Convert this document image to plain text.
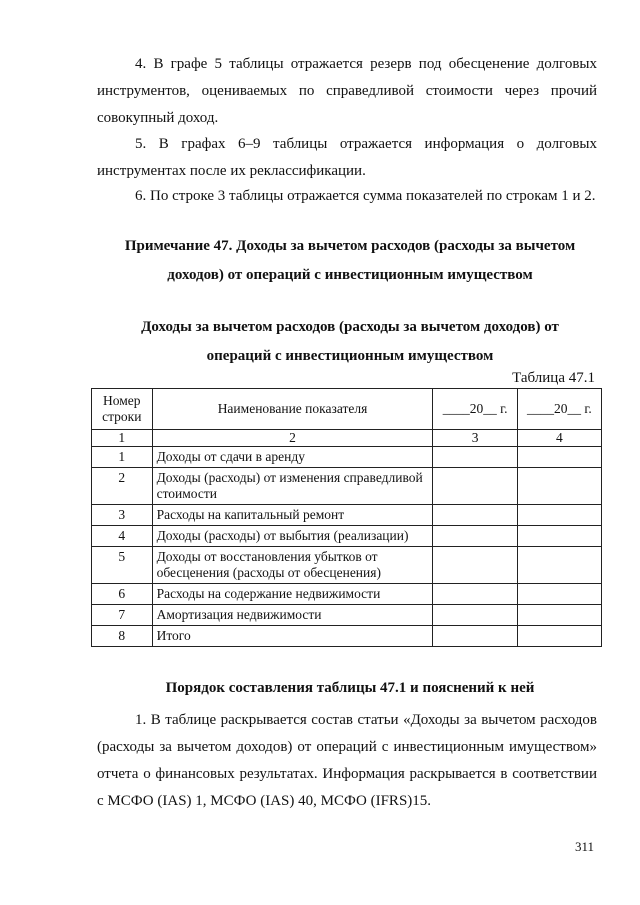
4. В графе 5 таблицы отражается резерв под обесценение долговых
инструментов, оцениваемых по справедливой стоимости через прочий
совокупный доход.
5. В графах 6–9 таблицы отражается информация о долговых
инструментах после их реклассификации.
6. По строке 3 таблицы отражается сумма показателей по строкам 1 и 2.
Примечание 47. Доходы за вычетом расходов (расходы за вычетом
доходов) от операций с инвестиционным имуществом
Доходы за вычетом расходов (расходы за вычетом доходов) от
операций с инвестиционным имуществом
Таблица 47.1
Номер строки	Наименование показателя	____20__ г.	____20__ г.
1	2	3	4
1	Доходы от сдачи в аренду		
2	Доходы (расходы) от изменения справедливой стоимости		
3	Расходы на капитальный ремонт		
4	Доходы (расходы) от выбытия (реализации)		
5	Доходы от восстановления убытков от обесценения (расходы от обесценения)		
6	Расходы на содержание недвижимости		
7	Амортизация недвижимости		
8	Итого		
Порядок составления таблицы 47.1 и пояснений к ней
1. В таблице раскрывается состав статьи «Доходы за вычетом расходов
(расходы за вычетом доходов) от операций с инвестиционным имуществом»
отчета о финансовых результатах. Информация раскрывается в соответствии
с МСФО (IAS) 1, МСФО (IAS) 40, МСФО (IFRS)15.
311
